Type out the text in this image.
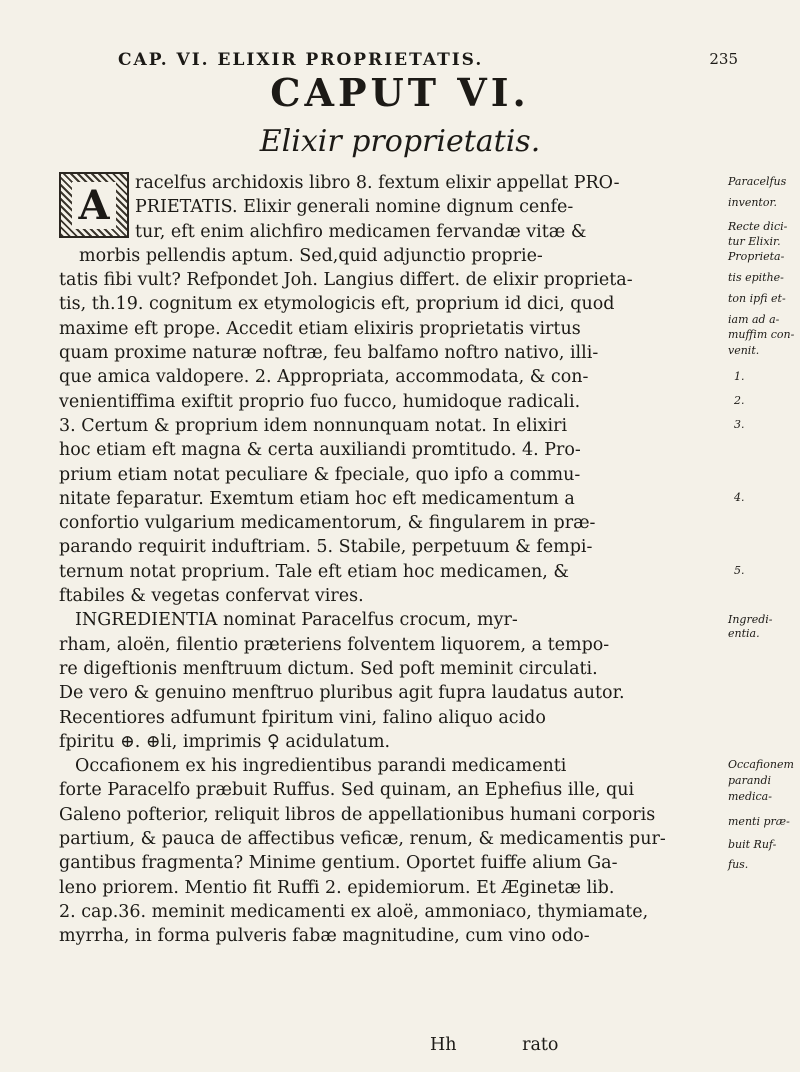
CAP. VI. ELIXIR PROPRIETATIS.	235
CAPUT VI.
Elixir proprietatis.
A	racelfus archidoxis libro 8. fextum elixir appellat PRO-
PRIETATIS. Elixir generali nomine dignum cenfe-
tur, eft enim alichfiro medicamen fervandæ vitæ &
morbis pellendis aptum. Sed,quid adjunctio proprie-
tatis fibi vult? Refpondet Joh. Langius differt. de elixir proprieta-
tis, th.19. cognitum ex etymologicis eft, proprium id dici, quod
maxime eft prope. Accedit etiam elixiris proprietatis virtus
quam proxime naturæ noftræ, feu balfamo noftro nativo, illi-
que amica valdopere. 2. Appropriata, accommodata, & con-
venientiffima exiftit proprio fuo fucco, humidoque radicali.
3. Certum & proprium idem nonnunquam notat. In elixiri
hoc etiam eft magna & certa auxiliandi promtitudo. 4. Pro-
prium etiam notat peculiare & fpeciale, quo ipfo a commu-
nitate feparatur. Exemtum etiam hoc eft medicamentum a
confortio vulgarium medicamentorum, & fingularem in præ-
parando requirit induftriam. 5. Stabile, perpetuum & fempi-
ternum notat proprium. Tale eft etiam hoc medicamen, &
ftabiles & vegetas confervat vires.
INGREDIENTIA nominat Paracelfus crocum, myr-
rham, aloën, filentio præteriens folventem liquorem, a tempo-
re digeftionis menftruum dictum. Sed poft meminit circulati.
De vero & genuino menftruo pluribus agit fupra laudatus autor.
Recentiores adfumunt fpiritum vini, falino aliquo acido
fpiritu ⊕. ⊕li, imprimis ♀ acidulatum.
Occafionem ex his ingredientibus parandi medicamenti
forte Paracelfo præbuit Ruffus. Sed quinam, an Ephefius ille, qui
Galeno pofterior, reliquit libros de appellationibus humani corporis
partium, & pauca de affectibus veficæ, renum, & medicamentis pur-
gantibus fragmenta? Minime gentium. Oportet fuiffe alium Ga-
leno priorem. Mentio fit Ruffi 2. epidemiorum. Et Æginetæ lib.
2. cap.36. meminit medicamenti ex aloë, ammoniaco, thymiamate,
myrrha, in forma pulveris fabæ magnitudine, cum vino odo-
Hh rato
Paracelfus
inventor.
Recte dici-
tur Elixir.
Proprieta-
tis epithe-
ton ipfi et-
iam ad a-
muffim con-
venit.
1.
2.
3.
4.
5.
Ingredi-
entia.
Occafionem
parandi
medica-
menti præ-
buit Ruf-
fus.
